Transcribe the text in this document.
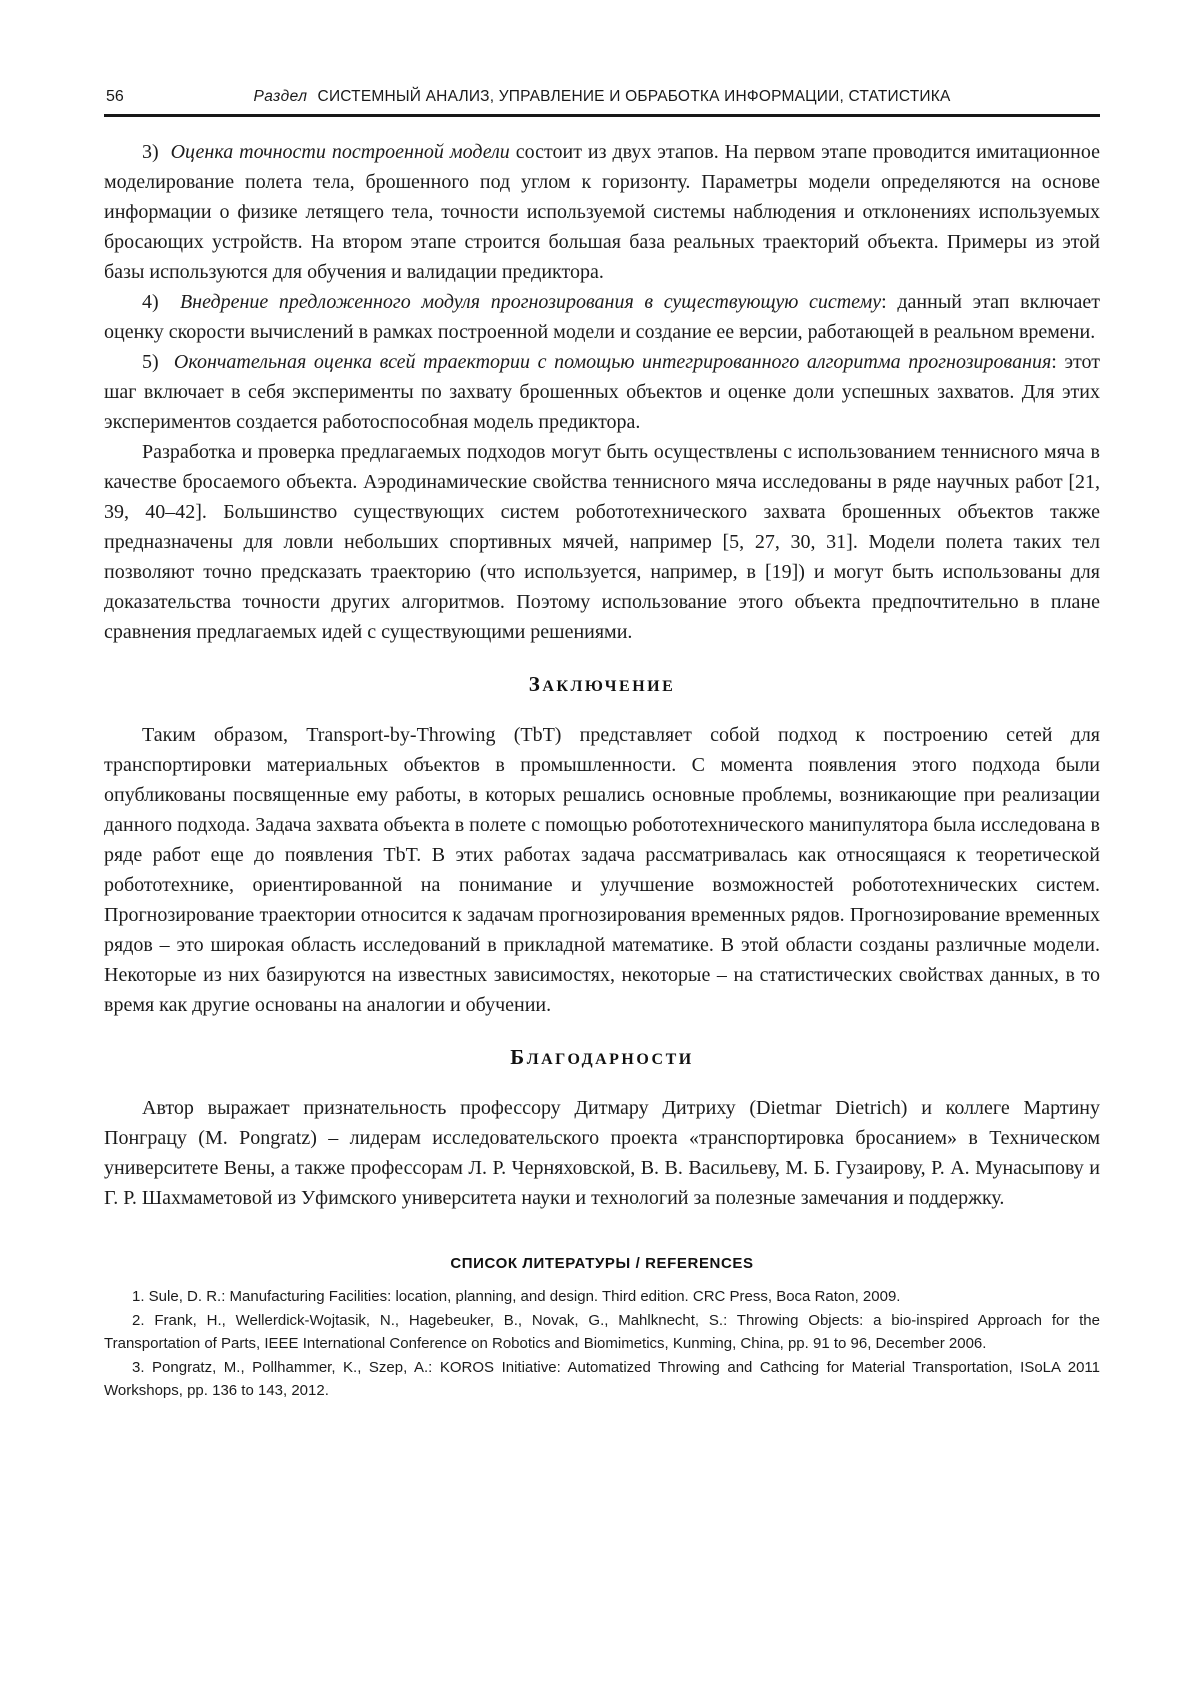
56	Раздел СИСТЕМНЫЙ АНАЛИЗ, УПРАВЛЕНИЕ И ОБРАБОТКА ИНФОРМАЦИИ, СТАТИСТИКА

3) Оценка точности построенной модели состоит из двух этапов. На первом этапе проводится имитационное моделирование полета тела, брошенного под углом к горизонту. Параметры модели определяются на основе информации о физике летящего тела, точности используемой системы наблюдения и отклонениях используемых бросающих устройств. На втором этапе строится большая база реальных траекторий объекта. Примеры из этой базы используются для обучения и валидации предиктора.

4) Внедрение предложенного модуля прогнозирования в существующую систему: данный этап включает оценку скорости вычислений в рамках построенной модели и создание ее версии, работающей в реальном времени.

5) Окончательная оценка всей траектории с помощью интегрированного алгоритма прогнозирования: этот шаг включает в себя эксперименты по захвату брошенных объектов и оценке доли успешных захватов. Для этих экспериментов создается работоспособная модель предиктора.

Разработка и проверка предлагаемых подходов могут быть осуществлены с использованием теннисного мяча в качестве бросаемого объекта. Аэродинамические свойства теннисного мяча исследованы в ряде научных работ [21, 39, 40–42]. Большинство существующих систем робототехнического захвата брошенных объектов также предназначены для ловли небольших спортивных мячей, например [5, 27, 30, 31]. Модели полета таких тел позволяют точно предсказать траекторию (что используется, например, в [19]) и могут быть использованы для доказательства точности других алгоритмов. Поэтому использование этого объекта предпочтительно в плане сравнения предлагаемых идей с существующими решениями.

ЗАКЛЮЧЕНИЕ

Таким образом, Transport-by-Throwing (TbT) представляет собой подход к построению сетей для транспортировки материальных объектов в промышленности. С момента появления этого подхода были опубликованы посвященные ему работы, в которых решались основные проблемы, возникающие при реализации данного подхода. Задача захвата объекта в полете с помощью робототехнического манипулятора была исследована в ряде работ еще до появления TbT. В этих работах задача рассматривалась как относящаяся к теоретической робототехнике, ориентированной на понимание и улучшение возможностей робототехнических систем. Прогнозирование траектории относится к задачам прогнозирования временных рядов. Прогнозирование временных рядов – это широкая область исследований в прикладной математике. В этой области созданы различные модели. Некоторые из них базируются на известных зависимостях, некоторые – на статистических свойствах данных, в то время как другие основаны на аналогии и обучении.

БЛАГОДАРНОСТИ

Автор выражает признательность профессору Дитмару Дитриху (Dietmar Dietrich) и коллеге Мартину Понграцу (M. Pongratz) – лидерам исследовательского проекта «транспортировка бросанием» в Техническом университете Вены, а также профессорам Л. Р. Черняховской, В. В. Васильеву, М. Б. Гузаирову, Р. А. Мунасыпову и Г. Р. Шахмаметовой из Уфимского университета науки и технологий за полезные замечания и поддержку.

СПИСОК ЛИТЕРАТУРЫ / REFERENCES

1. Sule, D. R.: Manufacturing Facilities: location, planning, and design. Third edition. CRC Press, Boca Raton, 2009.

2. Frank, H., Wellerdick-Wojtasik, N., Hagebeuker, B., Novak, G., Mahlknecht, S.: Throwing Objects: a bio-inspired Approach for the Transportation of Parts, IEEE International Conference on Robotics and Biomimetics, Kunming, China, pp. 91 to 96, December 2006.

3. Pongratz, M., Pollhammer, K., Szep, A.: KOROS Initiative: Automatized Throwing and Cathcing for Material Transportation, ISoLA 2011 Workshops, pp. 136 to 143, 2012.
